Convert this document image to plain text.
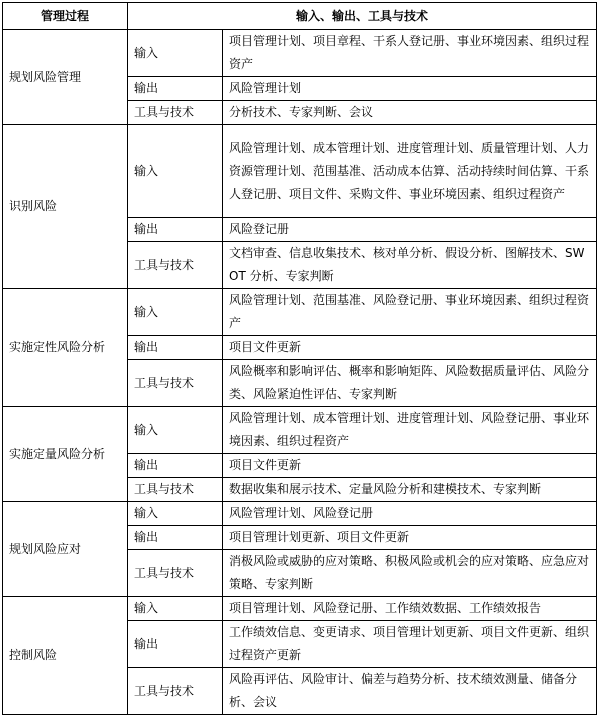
管理过程	输入、输出、工具与技术	
规划风险管理	输入	项目管理计划、项目章程、干系人登记册、事业环境因素、组织过程资产
	输出	风险管理计划
	工具与技术	分析技术、专家判断、会议
识别风险	输入	风险管理计划、成本管理计划、进度管理计划、质量管理计划、人力资源管理计划、范围基准、活动成本估算、活动持续时间估算、干系人登记册、项目文件、采购文件、事业环境因素、组织过程资产
	输出	风险登记册
	工具与技术	文档审查、信息收集技术、核对单分析、假设分析、图解技术、SWOT 分析、专家判断
实施定性风险分析	输入	风险管理计划、范围基准、风险登记册、事业环境因素、组织过程资产
	输出	项目文件更新
	工具与技术	风险概率和影响评估、概率和影响矩阵、风险数据质量评估、风险分类、风险紧迫性评估、专家判断
实施定量风险分析	输入	风险管理计划、成本管理计划、进度管理计划、风险登记册、事业环境因素、组织过程资产
	输出	项目文件更新
	工具与技术	数据收集和展示技术、定量风险分析和建模技术、专家判断
规划风险应对	输入	风险管理计划、风险登记册
	输出	项目管理计划更新、项目文件更新
	工具与技术	消极风险或威胁的应对策略、积极风险或机会的应对策略、应急应对策略、专家判断
控制风险	输入	项目管理计划、风险登记册、工作绩效数据、工作绩效报告
	输出	工作绩效信息、变更请求、项目管理计划更新、项目文件更新、组织过程资产更新
	工具与技术	风险再评估、风险审计、偏差与趋势分析、技术绩效测量、储备分析、会议
